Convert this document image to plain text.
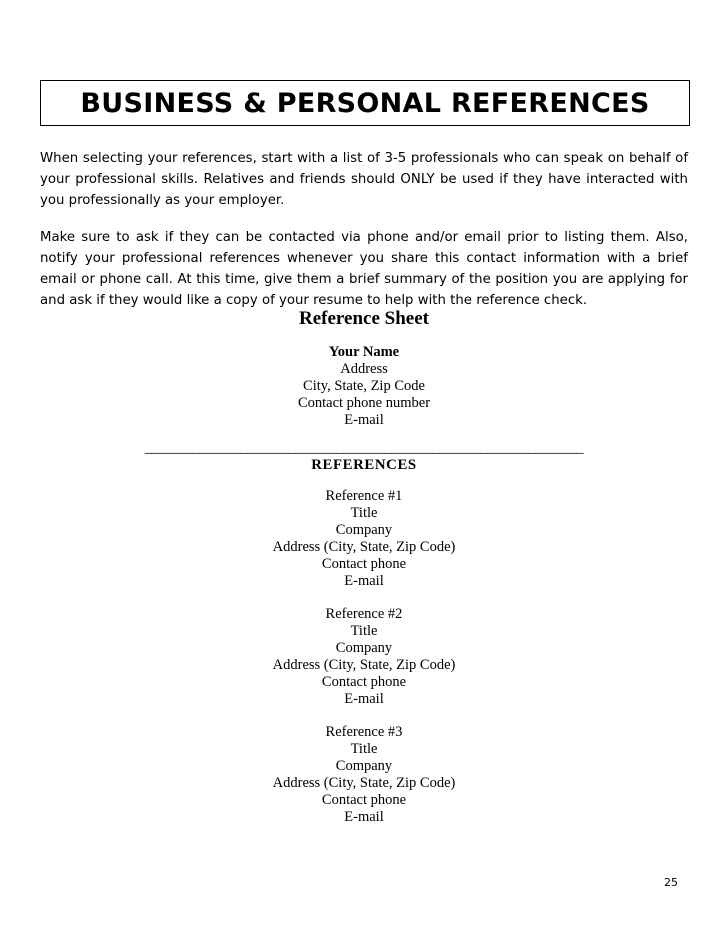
BUSINESS & PERSONAL REFERENCES

When selecting your references, start with a list of 3-5 professionals who can speak on behalf of your professional skills. Relatives and friends should ONLY be used if they have interacted with you professionally as your employer.

Make sure to ask if they can be contacted via phone and/or email prior to listing them. Also, notify your professional references whenever you share this contact information with a brief email or phone call. At this time, give them a brief summary of the position you are applying for and ask if they would like a copy of your resume to help with the reference check.

Reference Sheet
Your Name
Address
City, State, Zip Code
Contact phone number
E-mail
________________________________________________________________
REFERENCES
Reference #1
Title
Company
Address (City, State, Zip Code)
Contact phone
E-mail
Reference #2
Title
Company
Address (City, State, Zip Code)
Contact phone
E-mail
Reference #3
Title
Company
Address (City, State, Zip Code)
Contact phone
E-mail
25
